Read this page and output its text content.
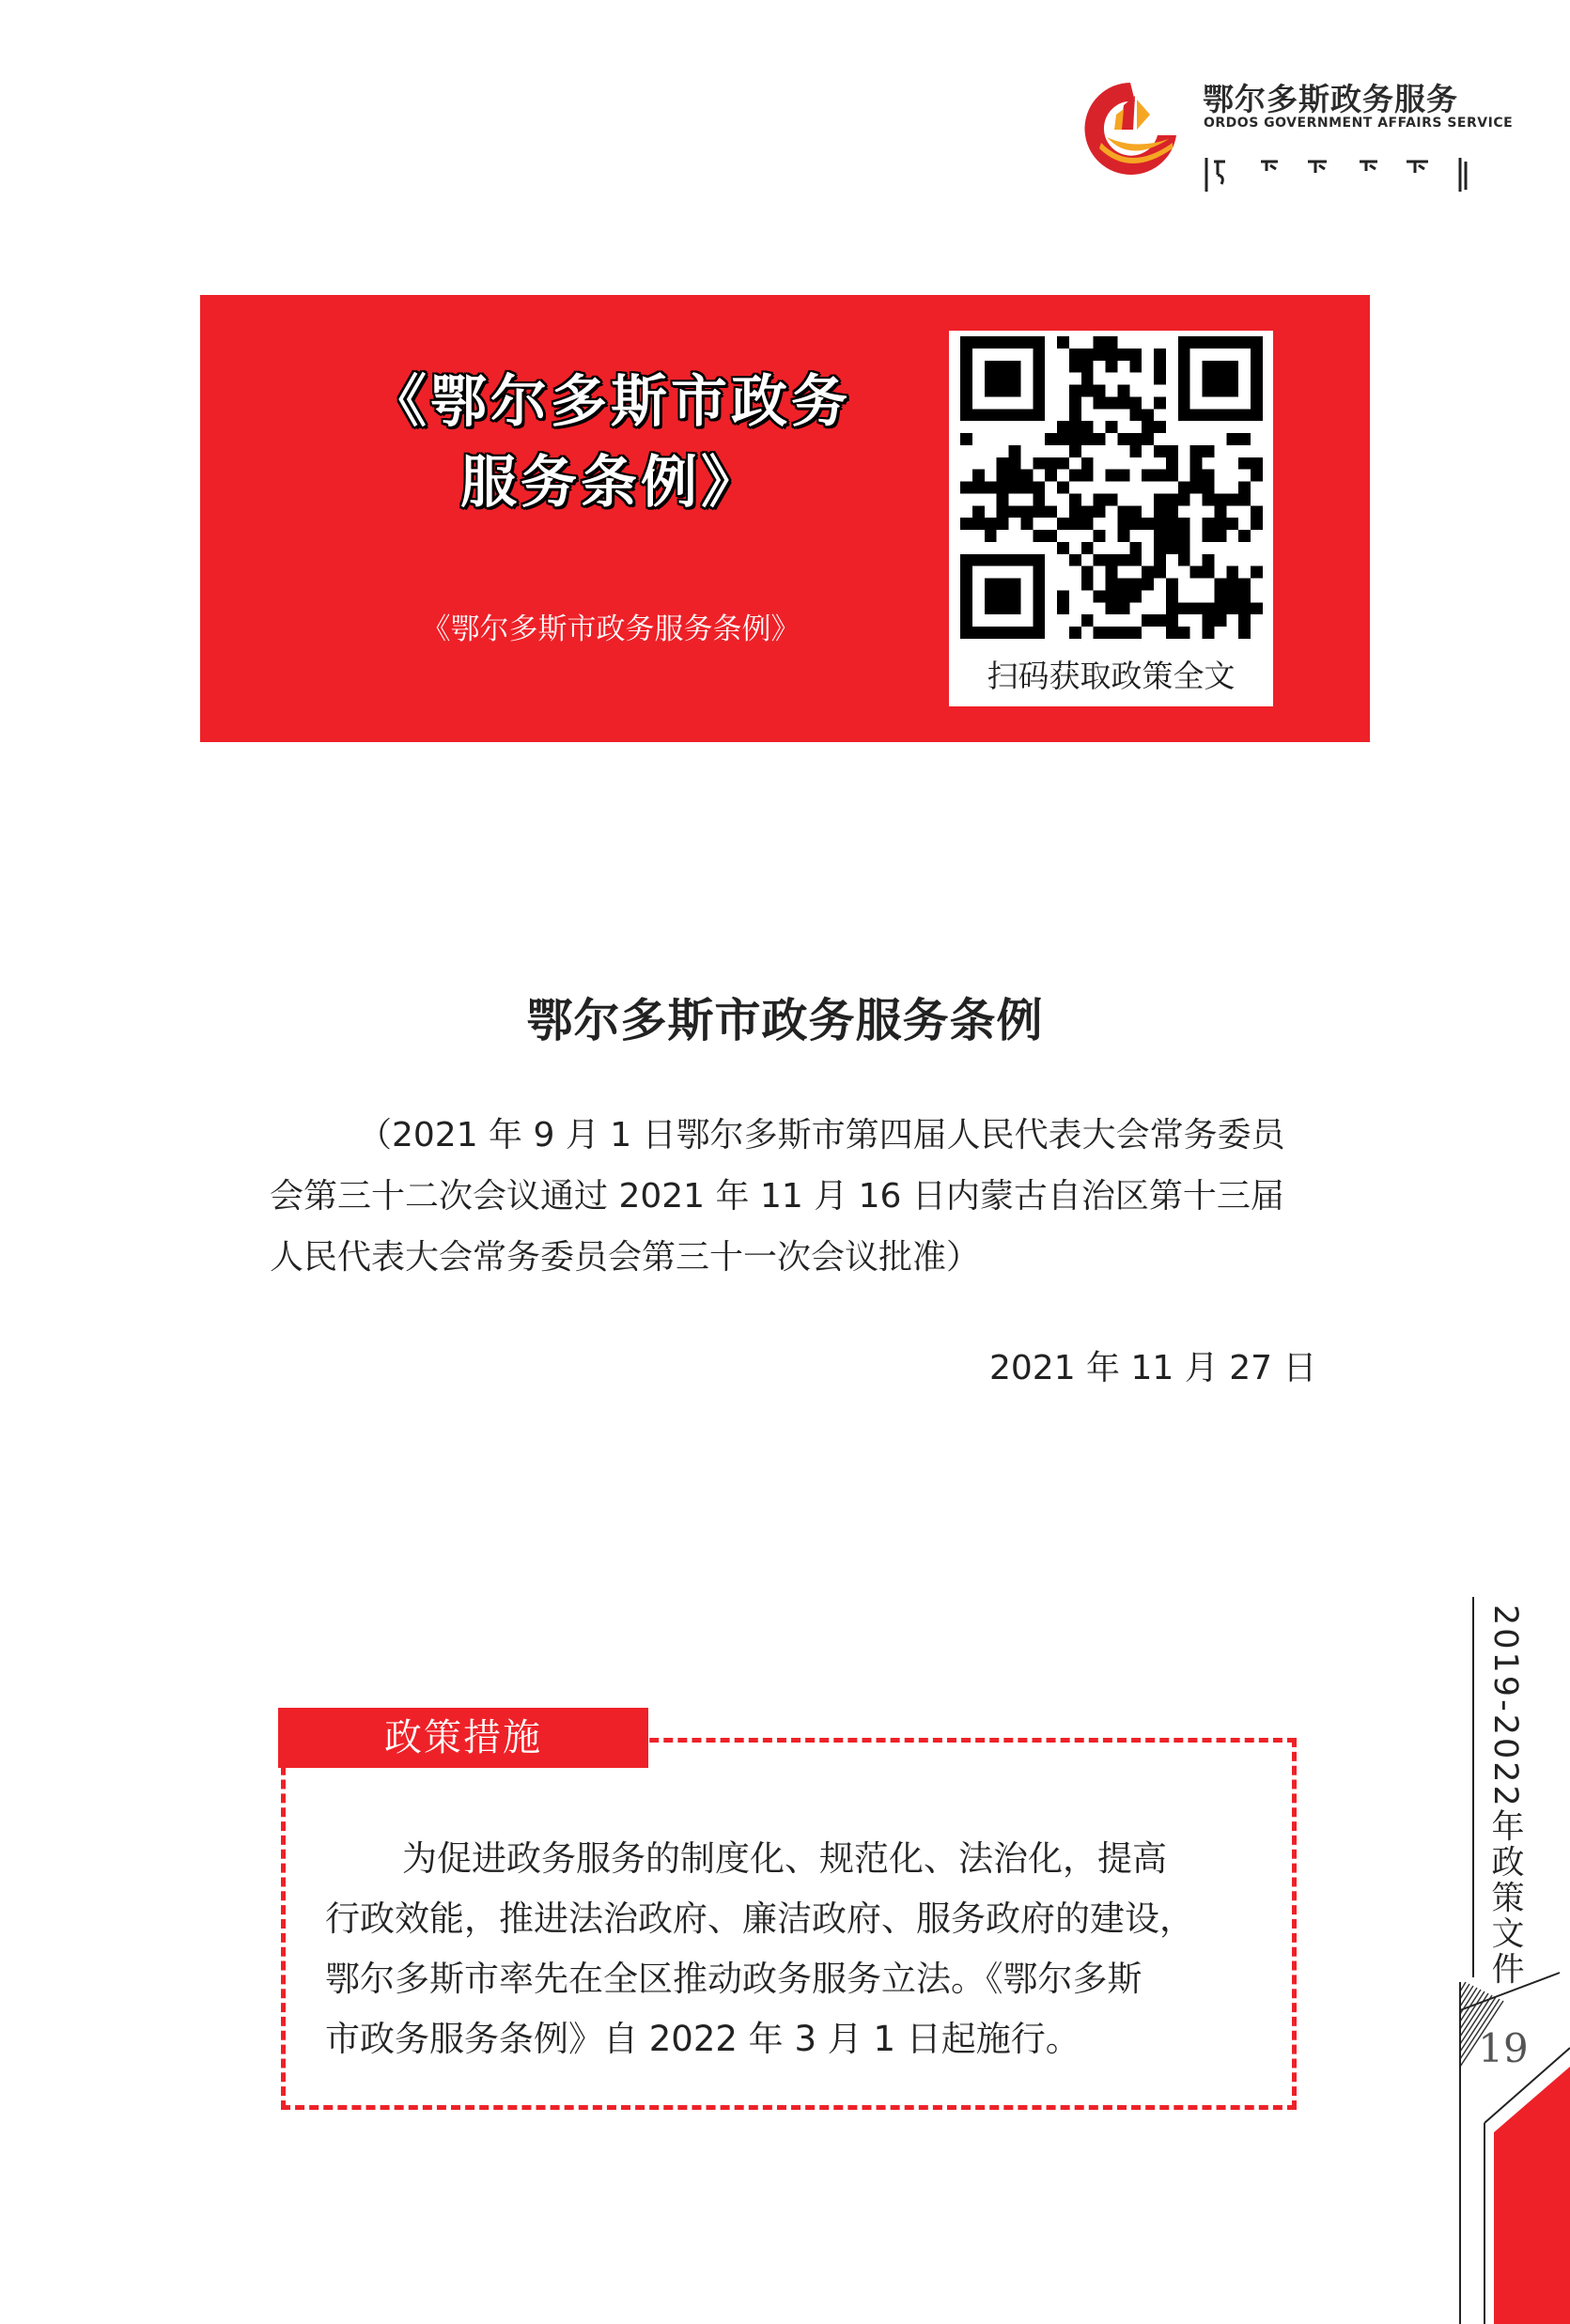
鄂尔多斯政务服务
ORDOS GOVERNMENT AFFAIRS SERVICE
《鄂尔多斯市政务
服务条例》
《鄂尔多斯市政务服务条例》
扫码获取政策全文
鄂尔多斯市政务服务条例
（2021 年 9 月 1 日鄂尔多斯市第四届人民代表大会常务委员
会第三十二次会议通过 2021 年 11 月 16 日内蒙古自治区第十三届
人民代表大会常务委员会第三十一次会议批准）
2021 年 11 月 27 日
政策措施
为促进政务服务的制度化、规范化、法治化，提高
行政效能，推进法治政府、廉洁政府、服务政府的建设，
鄂尔多斯市率先在全区推动政务服务立法。《鄂尔多斯
市政务服务条例》自 2022 年 3 月 1 日起施行。
2019-2022年政策文件
19
